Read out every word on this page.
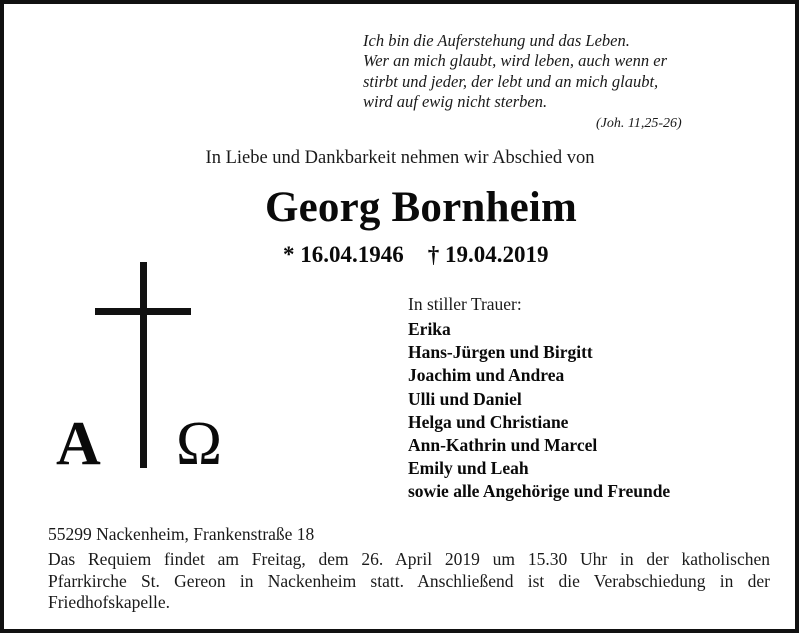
Ich bin die Auferstehung und das Leben.
Wer an mich glaubt, wird leben, auch wenn er
stirbt und jeder, der lebt und an mich glaubt,
wird auf ewig nicht sterben.
(Joh. 11,25-26)
In Liebe und Dankbarkeit nehmen wir Abschied von
Georg Bornheim
* 16.04.1946 † 19.04.2019
A Ω
In stiller Trauer:
Erika
Hans-Jürgen und Birgitt
Joachim und Andrea
Ulli und Daniel
Helga und Christiane
Ann-Kathrin und Marcel
Emily und Leah
sowie alle Angehörige und Freunde
55299 Nackenheim, Frankenstraße 18
Das Requiem findet am Freitag, dem 26. April 2019 um 15.30 Uhr in der katholischen
Pfarrkirche St. Gereon in Nackenheim statt. Anschließend ist die Verabschiedung in der
Friedhofskapelle.
